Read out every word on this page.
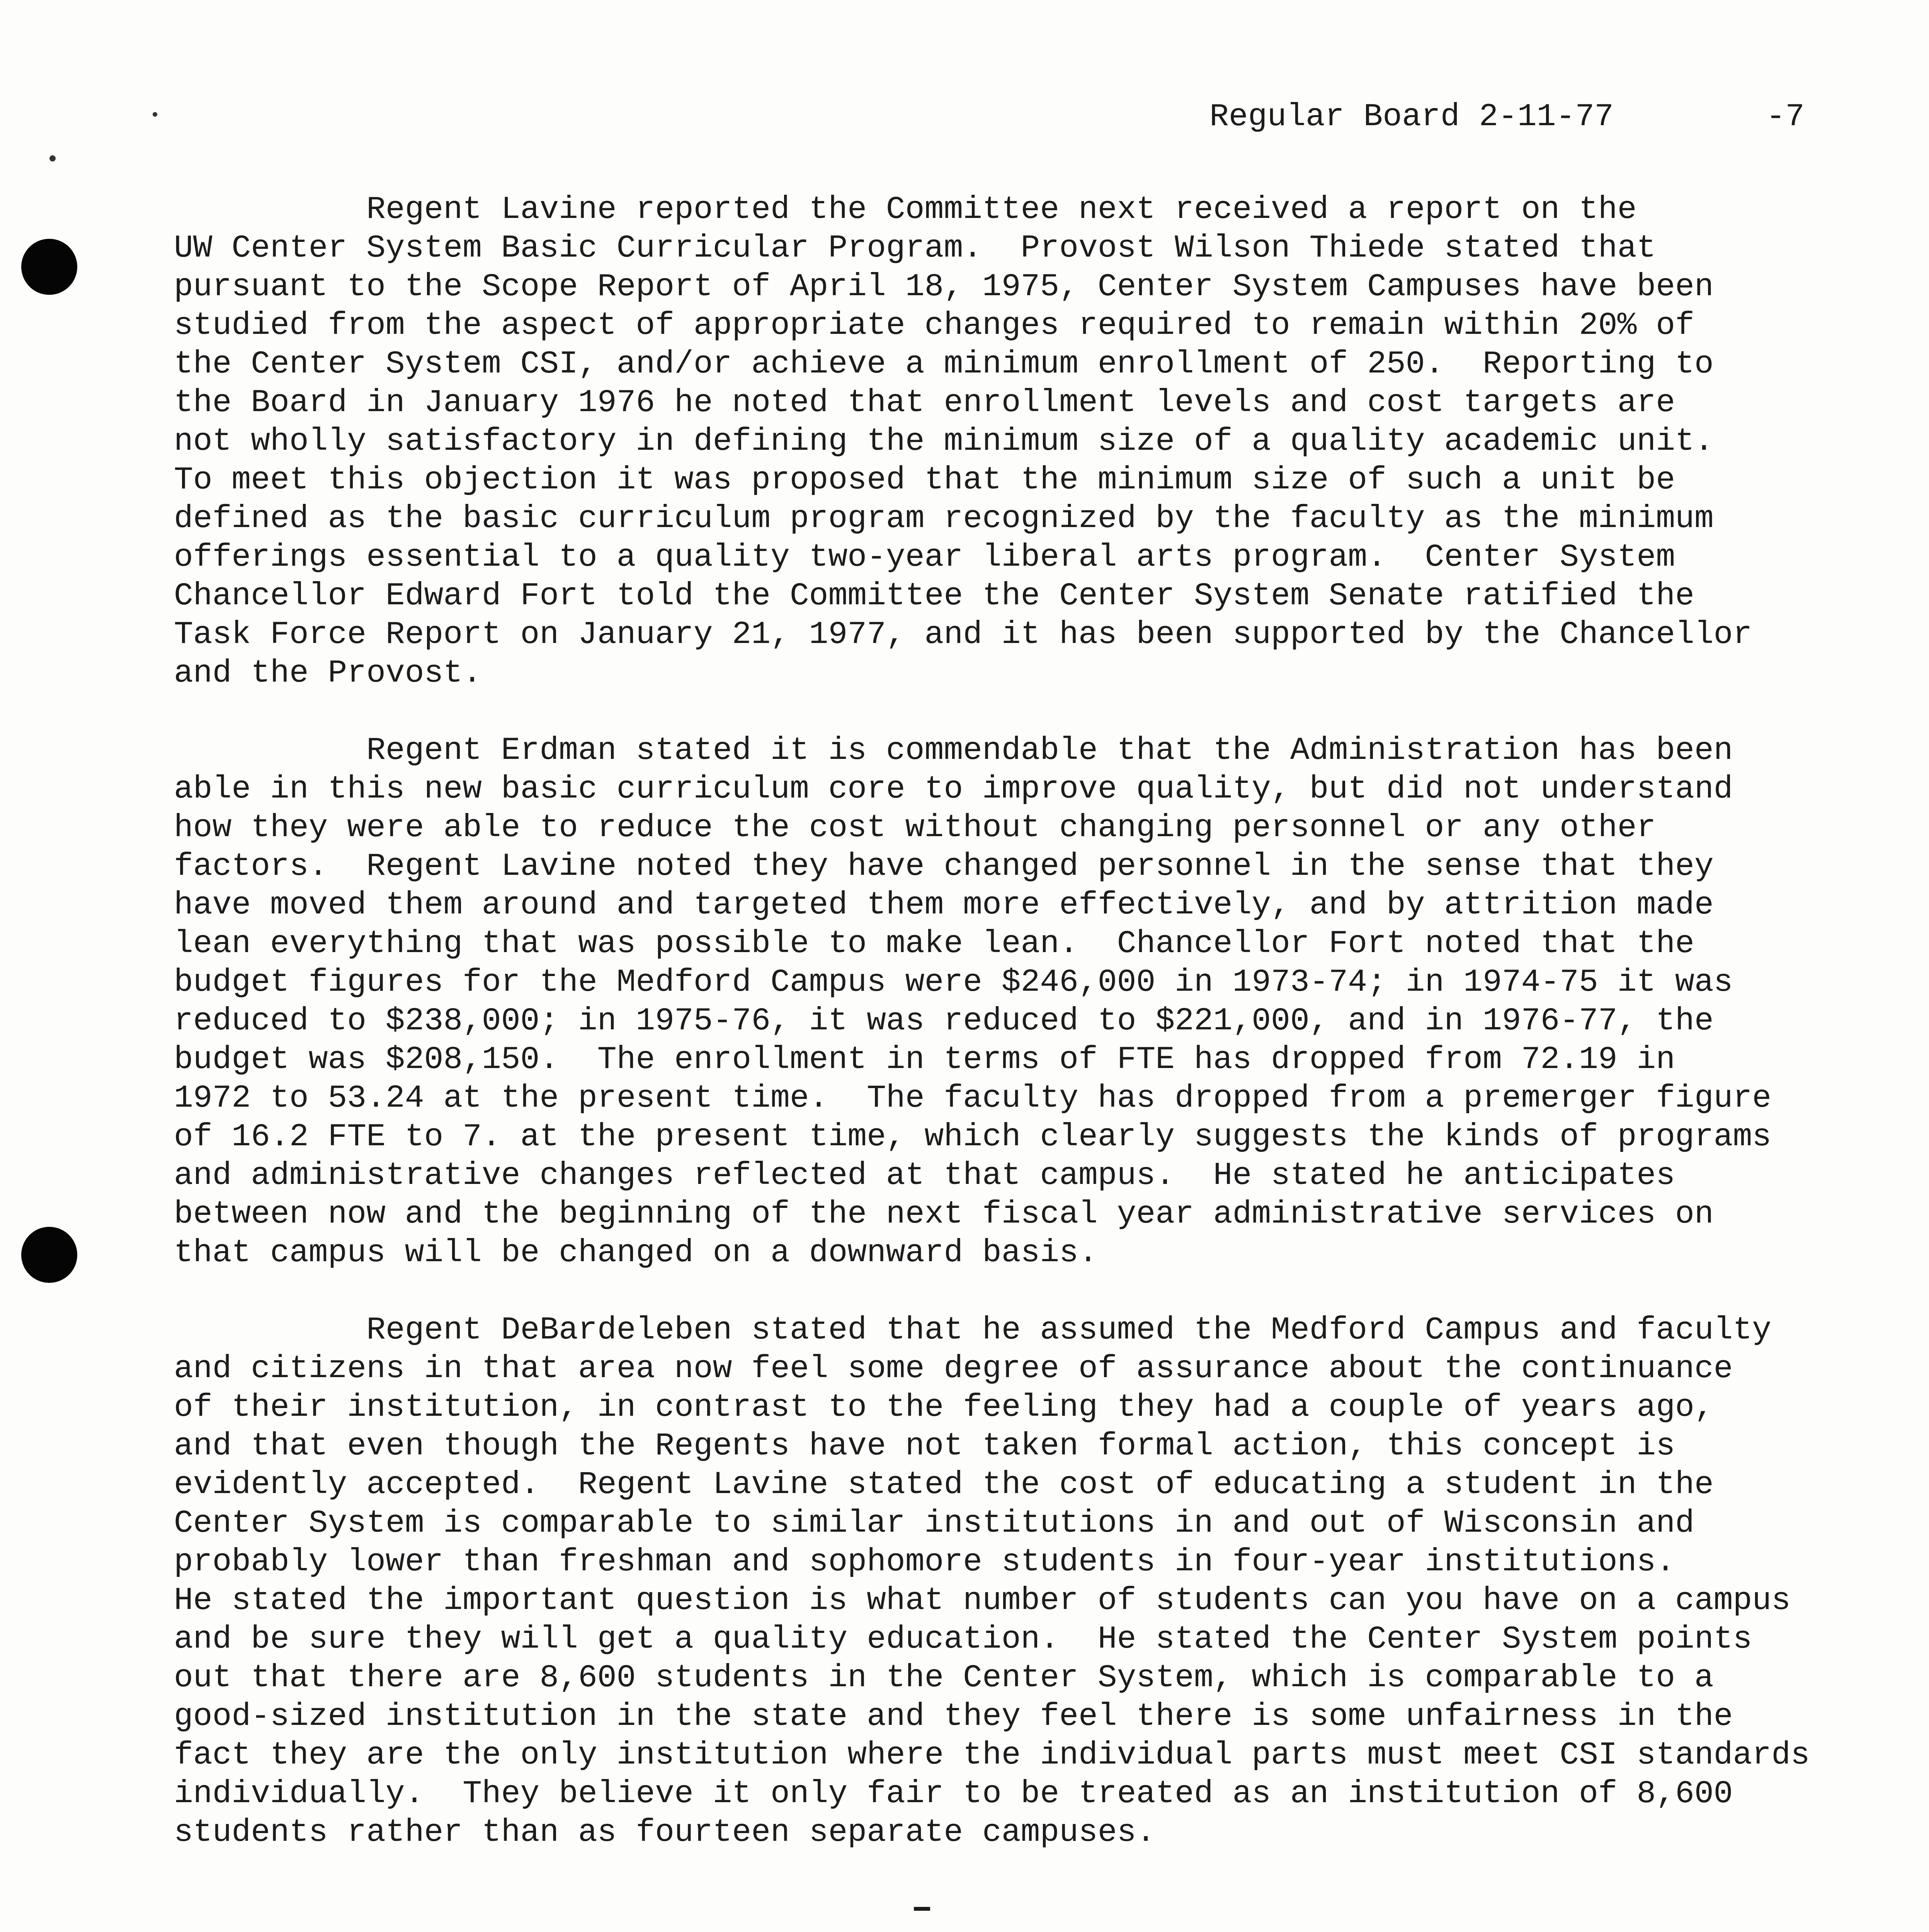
Regular Board 2-11-77	-7

Regent Lavine reported the Committee next received a report on the
UW Center System Basic Curricular Program.  Provost Wilson Thiede stated that
pursuant to the Scope Report of April 18, 1975, Center System Campuses have been
studied from the aspect of appropriate changes required to remain within 20% of
the Center System CSI, and/or achieve a minimum enrollment of 250.  Reporting to
the Board in January 1976 he noted that enrollment levels and cost targets are
not wholly satisfactory in defining the minimum size of a quality academic unit.
To meet this objection it was proposed that the minimum size of such a unit be
defined as the basic curriculum program recognized by the faculty as the minimum
offerings essential to a quality two-year liberal arts program.  Center System
Chancellor Edward Fort told the Committee the Center System Senate ratified the
Task Force Report on January 21, 1977, and it has been supported by the Chancellor
and the Provost.

Regent Erdman stated it is commendable that the Administration has been
able in this new basic curriculum core to improve quality, but did not understand
how they were able to reduce the cost without changing personnel or any other
factors.  Regent Lavine noted they have changed personnel in the sense that they
have moved them around and targeted them more effectively, and by attrition made
lean everything that was possible to make lean.  Chancellor Fort noted that the
budget figures for the Medford Campus were $246,000 in 1973-74; in 1974-75 it was
reduced to $238,000; in 1975-76, it was reduced to $221,000, and in 1976-77, the
budget was $208,150.  The enrollment in terms of FTE has dropped from 72.19 in
1972 to 53.24 at the present time.  The faculty has dropped from a premerger figure
of 16.2 FTE to 7. at the present time, which clearly suggests the kinds of programs
and administrative changes reflected at that campus.  He stated he anticipates
between now and the beginning of the next fiscal year administrative services on
that campus will be changed on a downward basis.

Regent DeBardeleben stated that he assumed the Medford Campus and faculty
and citizens in that area now feel some degree of assurance about the continuance
of their institution, in contrast to the feeling they had a couple of years ago,
and that even though the Regents have not taken formal action, this concept is
evidently accepted.  Regent Lavine stated the cost of educating a student in the
Center System is comparable to similar institutions in and out of Wisconsin and
probably lower than freshman and sophomore students in four-year institutions.
He stated the important question is what number of students can you have on a campus
and be sure they will get a quality education.  He stated the Center System points
out that there are 8,600 students in the Center System, which is comparable to a
good-sized institution in the state and they feel there is some unfairness in the
fact they are the only institution where the individual parts must meet CSI standards
individually.  They believe it only fair to be treated as an institution of 8,600
students rather than as fourteen separate campuses.
